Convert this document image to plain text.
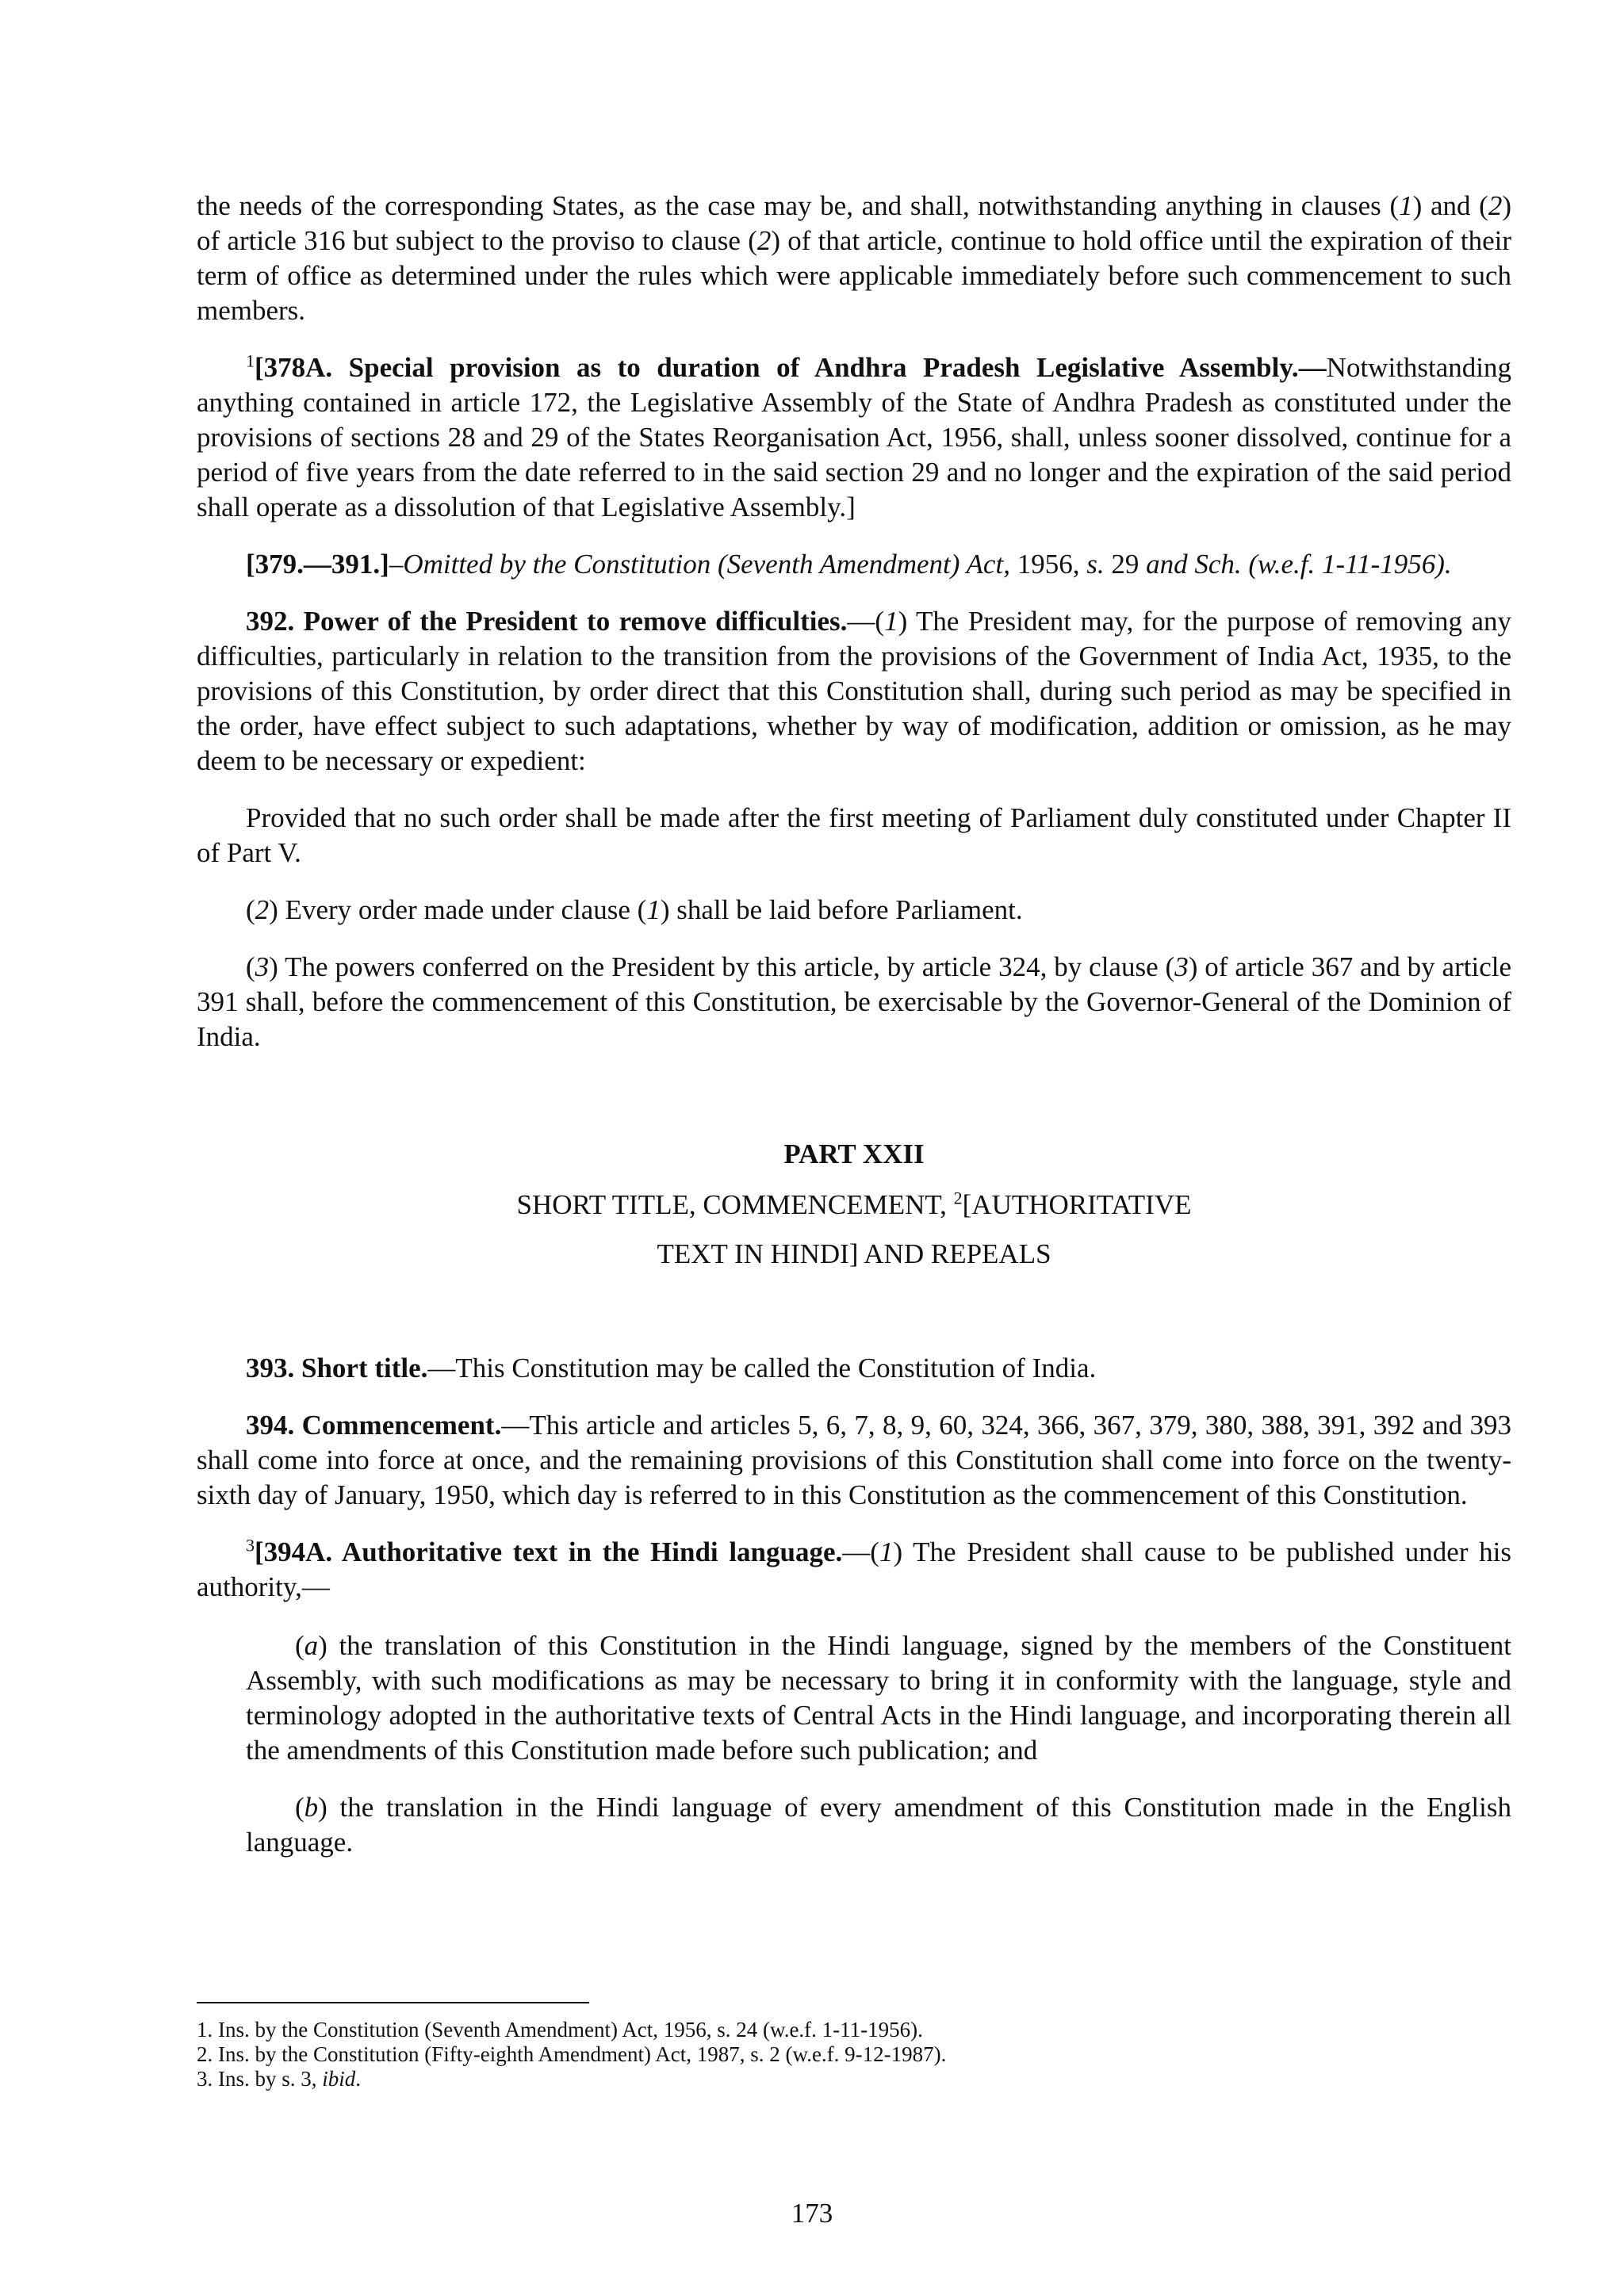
the needs of the corresponding States, as the case may be, and shall, notwithstanding anything in clauses (1) and (2) of article 316 but subject to the proviso to clause (2) of that article, continue to hold office until the expiration of their term of office as determined under the rules which were applicable immediately before such commencement to such members.

$^1$[378A. Special provision as to duration of Andhra Pradesh Legislative Assembly.—Notwithstanding anything contained in article 172, the Legislative Assembly of the State of Andhra Pradesh as constituted under the provisions of sections 28 and 29 of the States Reorganisation Act, 1956, shall, unless sooner dissolved, continue for a period of five years from the date referred to in the said section 29 and no longer and the expiration of the said period shall operate as a dissolution of that Legislative Assembly.]

[379.—391.]–Omitted by the Constitution (Seventh Amendment) Act, 1956, s. 29 and Sch. (w.e.f. 1-11-1956).

392. Power of the President to remove difficulties.—(1) The President may, for the purpose of removing any difficulties, particularly in relation to the transition from the provisions of the Government of India Act, 1935, to the provisions of this Constitution, by order direct that this Constitution shall, during such period as may be specified in the order, have effect subject to such adaptations, whether by way of modification, addition or omission, as he may deem to be necessary or expedient:

Provided that no such order shall be made after the first meeting of Parliament duly constituted under Chapter II of Part V.

(2) Every order made under clause (1) shall be laid before Parliament.

(3) The powers conferred on the President by this article, by article 324, by clause (3) of article 367 and by article 391 shall, before the commencement of this Constitution, be exercisable by the Governor-General of the Dominion of India.

PART XXII

SHORT TITLE, COMMENCEMENT, $^2$[AUTHORITATIVE

TEXT IN HINDI] AND REPEALS

393. Short title.—This Constitution may be called the Constitution of India.

394. Commencement.—This article and articles 5, 6, 7, 8, 9, 60, 324, 366, 367, 379, 380, 388, 391, 392 and 393 shall come into force at once, and the remaining provisions of this Constitution shall come into force on the twenty-sixth day of January, 1950, which day is referred to in this Constitution as the commencement of this Constitution.

$^3$[394A. Authoritative text in the Hindi language.—(1) The President shall cause to be published under his authority,—

(a) the translation of this Constitution in the Hindi language, signed by the members of the Constituent Assembly, with such modifications as may be necessary to bring it in conformity with the language, style and terminology adopted in the authoritative texts of Central Acts in the Hindi language, and incorporating therein all the amendments of this Constitution made before such publication; and

(b) the translation in the Hindi language of every amendment of this Constitution made in the English language.

1. Ins. by the Constitution (Seventh Amendment) Act, 1956, s. 24 (w.e.f. 1-11-1956).

2. Ins. by the Constitution (Fifty-eighth Amendment) Act, 1987, s. 2 (w.e.f. 9-12-1987).

3. Ins. by s. 3, ibid.

173
